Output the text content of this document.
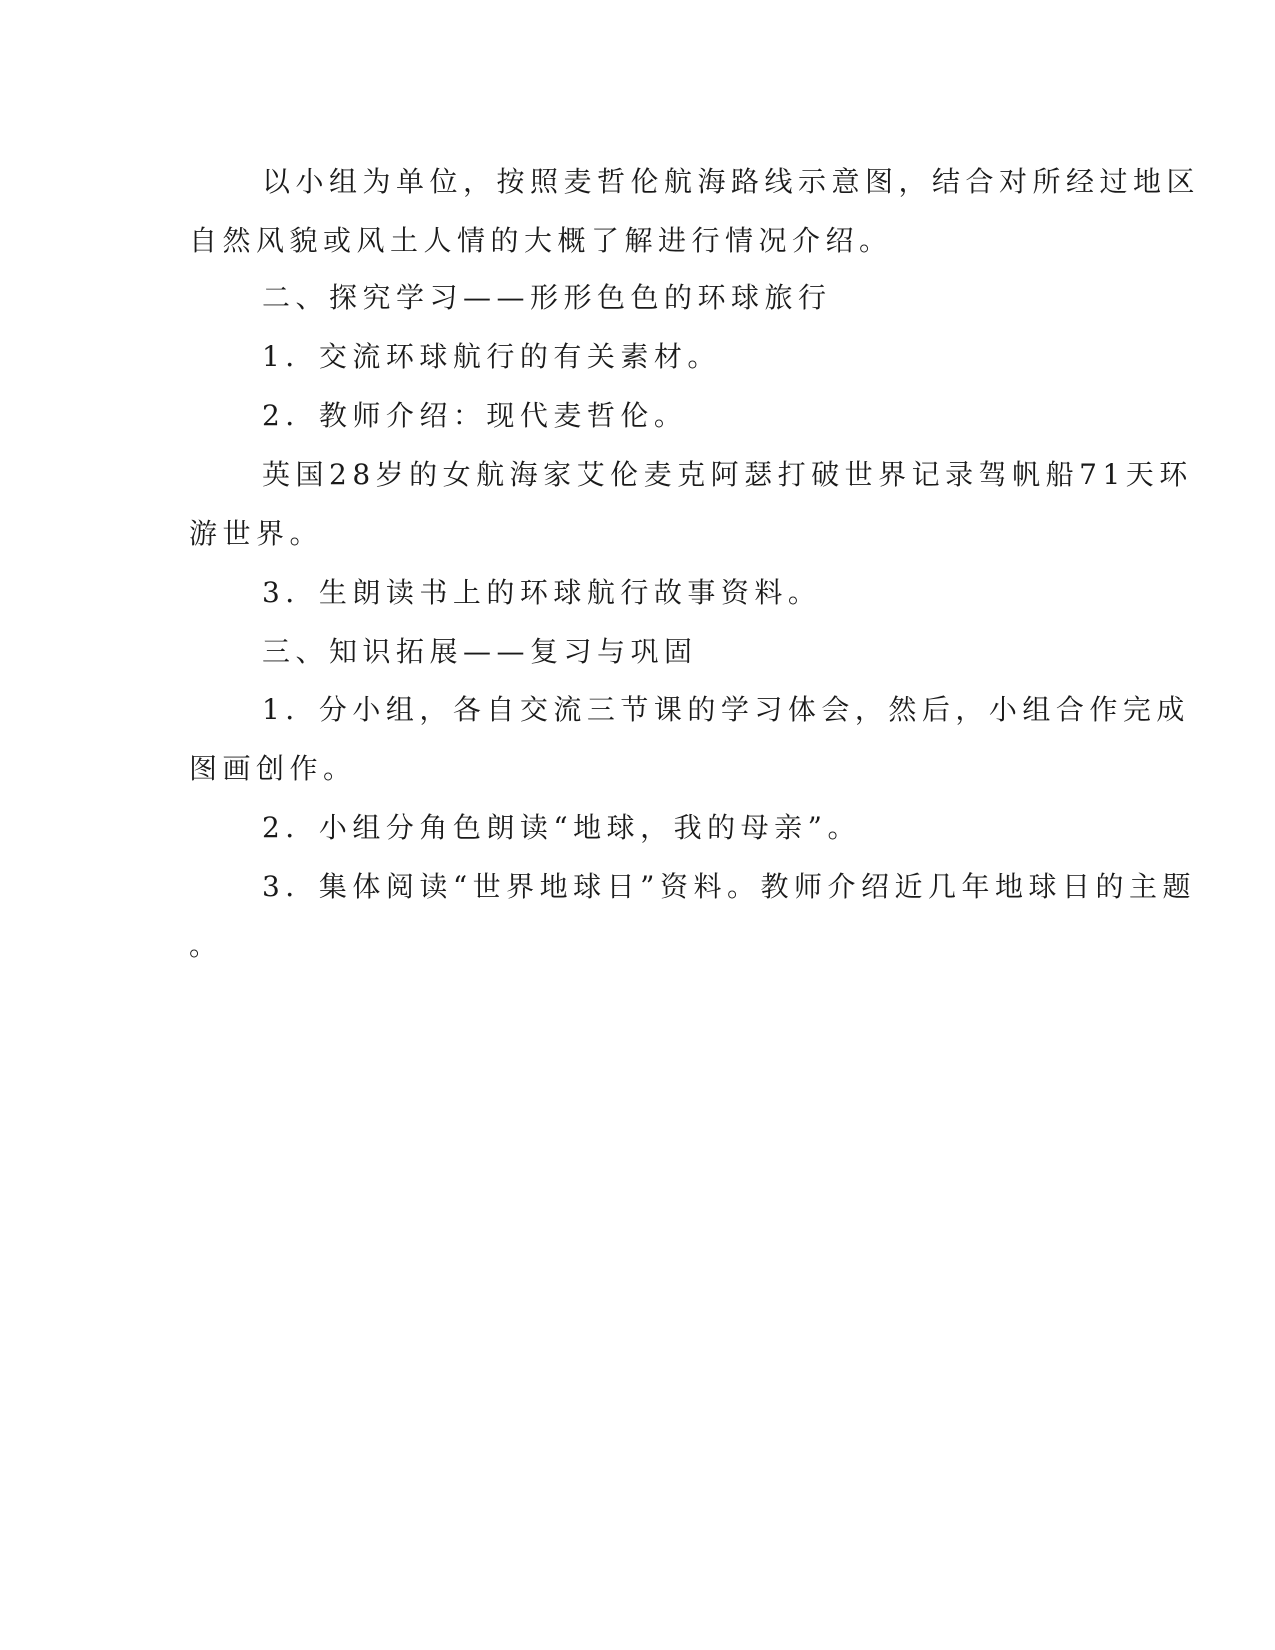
以小组为单位，按照麦哲伦航海路线示意图，结合对所经过地区
自然风貌或风土人情的大概了解进行情况介绍。
二、探究学习——形形色色的环球旅行
1．交流环球航行的有关素材。
2．教师介绍：现代麦哲伦。
英国28岁的女航海家艾伦麦克阿瑟打破世界记录驾帆船71天环
游世界。
3．生朗读书上的环球航行故事资料。
三、知识拓展——复习与巩固
1．分小组，各自交流三节课的学习体会，然后，小组合作完成
图画创作。
2．小组分角色朗读“地球，我的母亲”。
3．集体阅读“世界地球日”资料。教师介绍近几年地球日的主题
。
